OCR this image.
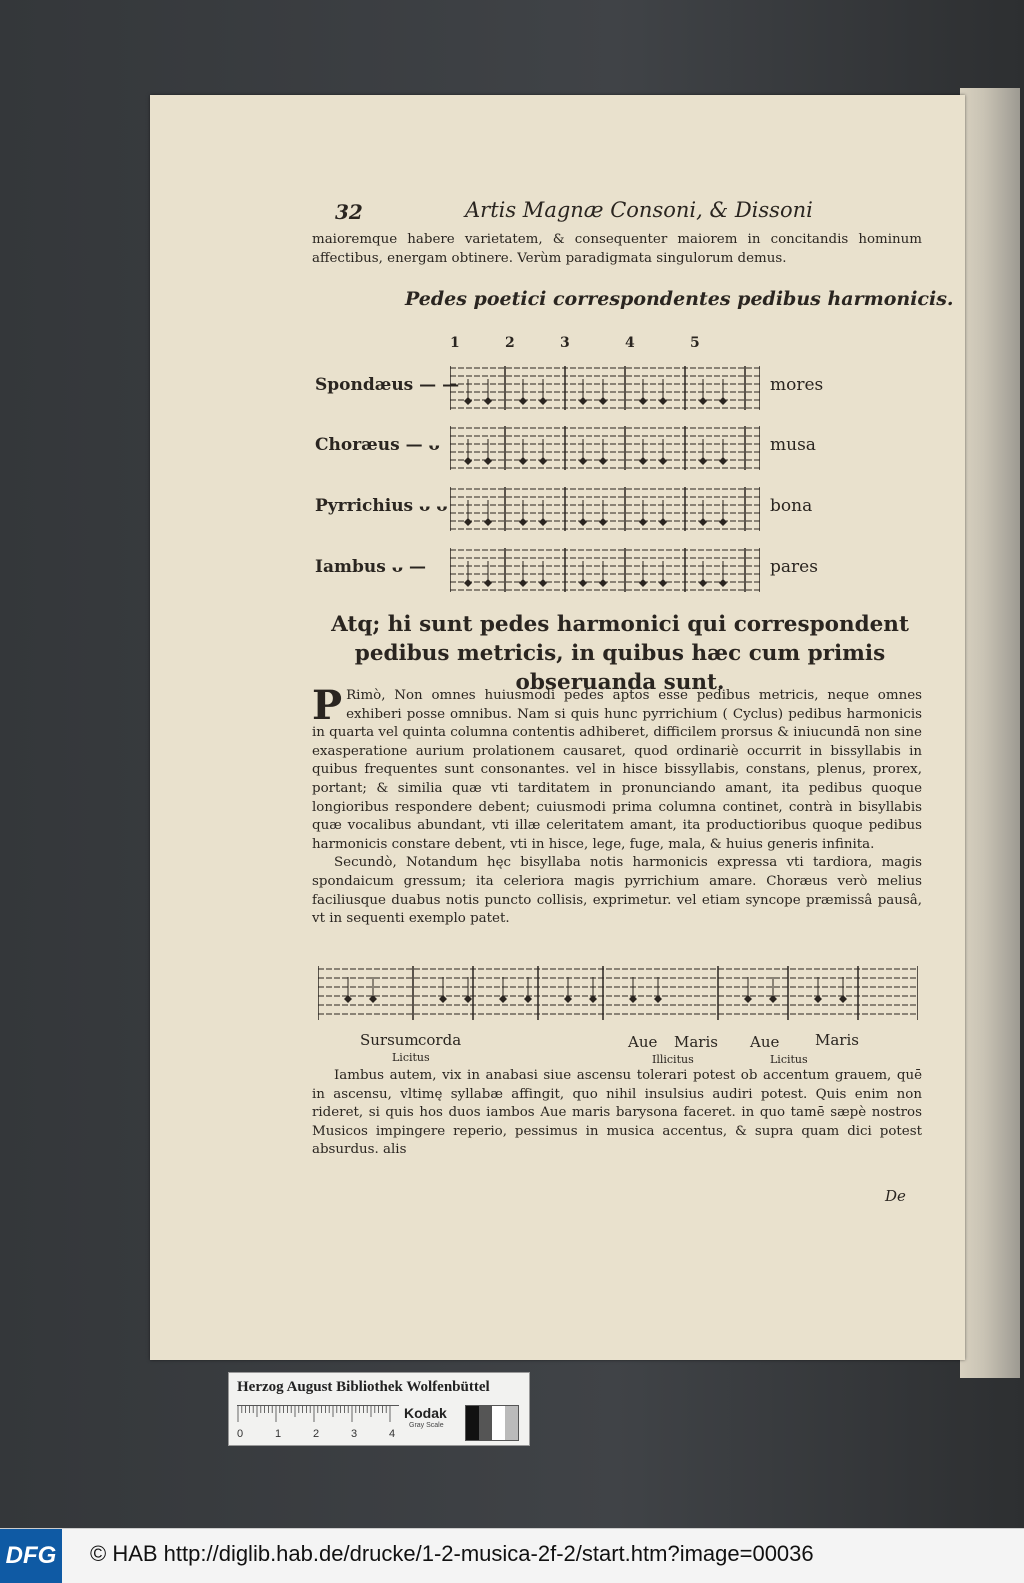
32	Artis Magnæ Consoni, & Dissoni
maioremque habere varietatem, & consequenter maiorem in concitandis hominum affectibus, energam obtinere. Verùm paradigmata singulorum demus.
Pedes poetici correspondentes pedibus harmonicis.
1	2	3	4	5
Spondæus — —	mores
Choræus — ᴗ	musa
Pyrrichius ᴗ ᴗ	bona
Iambus ᴗ —	pares
Atq; hi sunt pedes harmonici qui correspondent pedibus metricis, in quibus hæc cum primis obseruanda sunt.
P Rimò, Non omnes huiusmodi pedes aptos esse pedibus metricis, neque omnes exhiberi posse omnibus. Nam si quis hunc pyrrichium ( Cyclus) pedibus harmonicis in quarta vel quinta columna contentis adhiberet, difficilem prorsus & iniucundā non sine exasperatione aurium prolationem causaret, quod ordinariè occurrit in bissyllabis in quibus frequentes sunt consonantes. vel in hisce bissyllabis, constans, plenus, prorex, portant; & similia quæ vti tarditatem in pronunciando amant, ita pedibus quoque longioribus respondere debent; cuiusmodi prima columna continet, contrà in bisyllabis quæ vocalibus abundant, vti illæ celeritatem amant, ita productioribus quoque pedibus harmonicis constare debent, vti in hisce, lege, fuge, mala, & huius generis infinita.
Secundò, Notandum hęc bisyllaba notis harmonicis expressa vti tardiora, magis spondaicum gressum; ita celeriora magis pyrrichium amare. Choræus verò melius faciliusque duabus notis punctо collisis, exprimetur. vel etiam syncope præmissâ pausâ, vt in sequenti exemplo patet.
Sursum corda	Aue Maris Aue Maris
Licitus	Illicitus	Licitus
Iambus autem, vix in anabasi siue ascensu tolerari potest ob accentum grauem, quē in ascensu, vltimę syllabæ affingit, quo nihil insulsius audiri potest. Quis enim non rideret, si quis hos duos iambos Aue maris barysona faceret. in quo tamē sæpè nostros Musicos impingere reperio, pessimus in musica accentus, & supra quam dici potest absurdus. alis
De
Herzog August Bibliothek Wolfenbüttel
0	1	2	3	4
Kodak
Gray Scale
DFG © HAB http://diglib.hab.de/drucke/1-2-musica-2f-2/start.htm?image=00036
